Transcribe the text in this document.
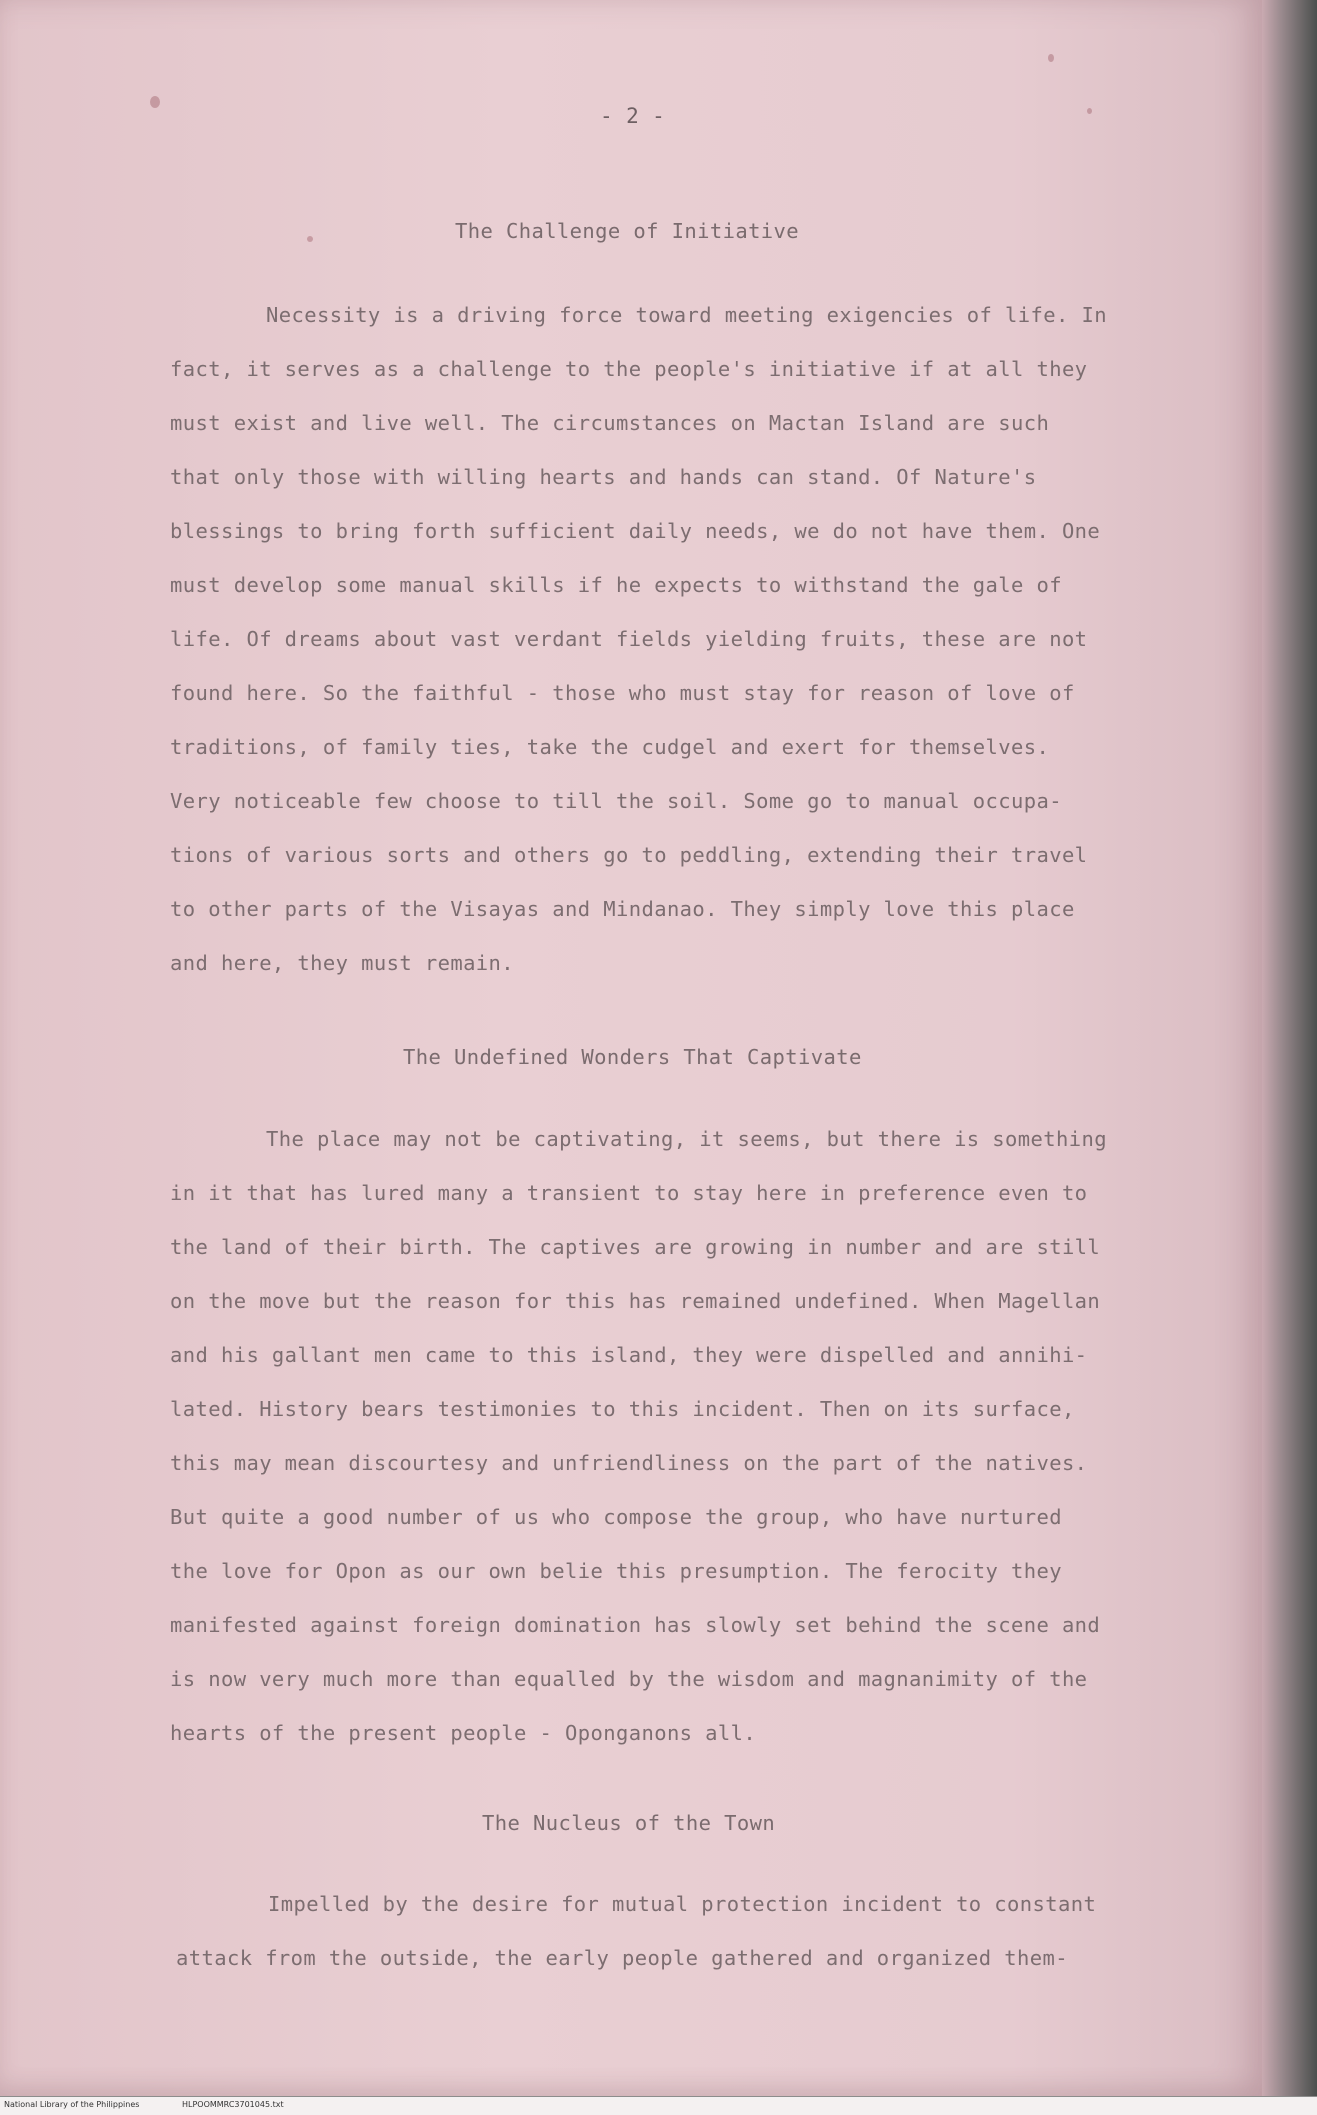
- 2 -
The Challenge of Initiative

Necessity is a driving force toward meeting exigencies of life. In

fact, it serves as a challenge to the people's initiative if at all they

must exist and live well. The circumstances on Mactan Island are such

that only those with willing hearts and hands can stand. Of Nature's

blessings to bring forth sufficient daily needs, we do not have them. One

must develop some manual skills if he expects to withstand the gale of

life. Of dreams about vast verdant fields yielding fruits, these are not

found here. So the faithful - those who must stay for reason of love of

traditions, of family ties, take the cudgel and exert for themselves.

Very noticeable few choose to till the soil. Some go to manual occupa-

tions of various sorts and others go to peddling, extending their travel

to other parts of the Visayas and Mindanao. They simply love this place

and here, they must remain.

The Undefined Wonders That Captivate

The place may not be captivating, it seems, but there is something

in it that has lured many a transient to stay here in preference even to

the land of their birth. The captives are growing in number and are still

on the move but the reason for this has remained undefined. When Magellan

and his gallant men came to this island, they were dispelled and annihi-

lated. History bears testimonies to this incident. Then on its surface,

this may mean discourtesy and unfriendliness on the part of the natives.

But quite a good number of us who compose the group, who have nurtured

the love for Opon as our own belie this presumption. The ferocity they

manifested against foreign domination has slowly set behind the scene and

is now very much more than equalled by the wisdom and magnanimity of the

hearts of the present people - Oponganons all.

The Nucleus of the Town

Impelled by the desire for mutual protection incident to constant

attack from the outside, the early people gathered and organized them-

National Library of the Philippines	HLPOOMMRC3701045.txt
